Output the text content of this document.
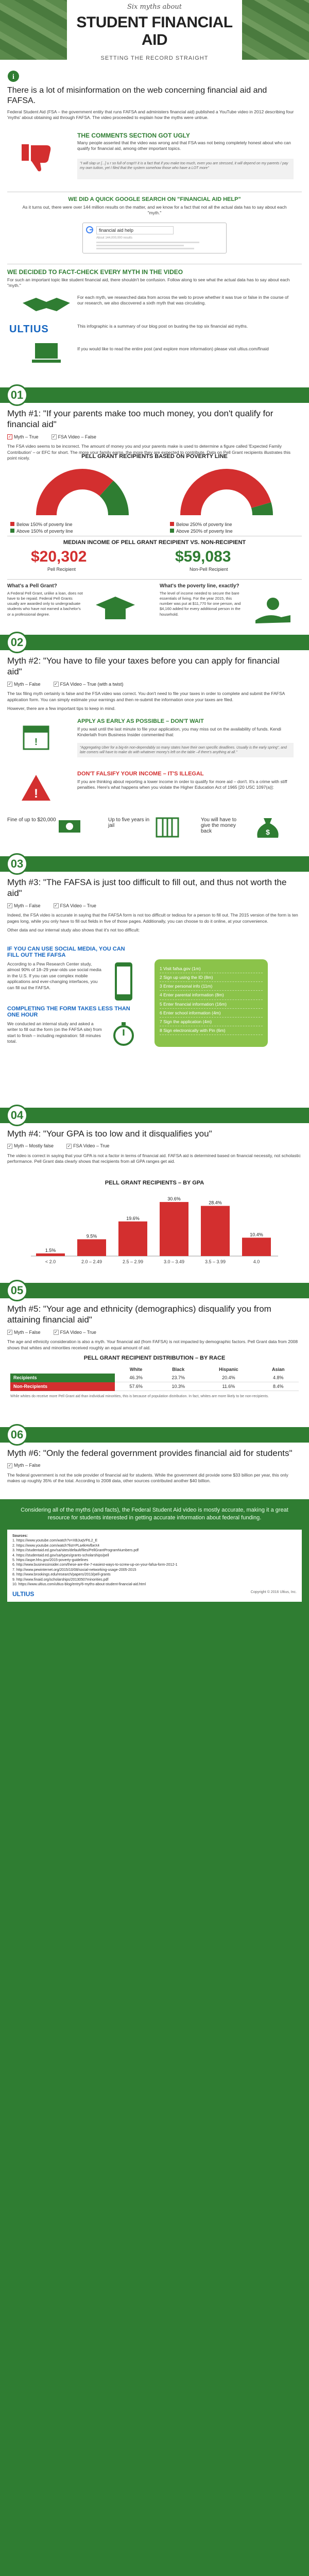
Six myths about
STUDENT FINANCIAL AID
SETTING THE RECORD STRAIGHT
i
There is a lot of misinformation on the web concerning financial aid and FAFSA.
Federal Student Aid (FSA – the government entity that runs FAFSA and administers financial aid) published a YouTube video in 2012 describing four 'myths' about obtaining aid through FAFSA. The video proceeded to explain how the myths were untrue.
THE COMMENTS SECTION GOT UGLY
Many people asserted that the video was wrong and that FSA was not being completely honest about who can qualify for financial aid, among other important topics.
"I will slap ur [...] u r so full of crap!!! it is a fact that if you make too much, even you are stressed, it will depend on my parents / pay my own tuition, yet I filed that the system somehow those who have a LOT more"
WE DID A QUICK GOOGLE SEARCH ON "FINANCIAL AID HELP"
As it turns out, there were over 144 million results on the matter, and we know for a fact that not all the actual data has to say about each "myth."
financial aid help
About 144,000,000 results
WE DECIDED TO FACT-CHECK EVERY MYTH IN THE VIDEO
For such an important topic like student financial aid, there shouldn't be confusion. Follow along to see what the actual data has to say about each "myth."
For each myth, we researched data from across the web to prove whether it was true or false in the course of our research, we also discovered a sixth myth that was circulating.
ULTIUS	This infographic is a summary of our blog post on busting the top six financial aid myths.
If you would like to read the entire post (and explore more information) please visit ultius.com/finaid
01
Myth #1: "If your parents make too much money, you don't qualify for financial aid"
✓ Myth – True	✓ FSA Video – False
The FSA video seems to be incorrect. The amount of money you and your parents make is used to determine a figure called 'Expected Family Contribution' – or EFC for short. The more your family earns, the more they are expected to contribute. Data on Pell Grant recipients illustrates this point nicely.	PELL GRANT RECIPIENTS BASED ON POVERTY LINE
Below 150% of poverty line
Above 150% of poverty line
Below 250% of poverty line
Above 250% of poverty line
MEDIAN INCOME OF PELL GRANT RECIPIENT VS. NON-RECIPIENT
$20,302
Pell Recipient
$59,083
Non-Pell Recipient
What's a Pell Grant?
A Federal Pell Grant, unlike a loan, does not have to be repaid. Federal Pell Grants usually are awarded only to undergraduate students who have not earned a bachelor's or a professional degree.
What's the poverty line, exactly?
The level of income needed to secure the bare essentials of living. For the year 2015, this number was put at $11,770 for one person, and $4,160 added for every additional person in the household.
02
Myth #2: "You have to file your taxes before you can apply for financial aid"
✓ Myth – False	✓ FSA Video – True (with a twist)
The tax filing myth certainly is false and the FSA video was correct. You don't need to file your taxes in order to complete and submit the FAFSA application form. You can simply estimate your earnings and then re-submit the information once your taxes are filed.
However, there are a few important tips to keep in mind.
!
APPLY AS EARLY AS POSSIBLE – DON'T WAIT
If you wait until the last minute to file your application, you may miss out on the availability of funds. Kendi Kinderlath from Business Insider commented that:
"Aggregating Uber for a big-tin non-dependably so many states have their own specific deadlines. Usually is the early spring", and late comers will have to make do with whatever money's left on the table –if there's anything at all."
!
DON'T FALSIFY YOUR INCOME – IT'S ILLEGAL
If you are thinking about reporting a lower income in order to qualify for more aid – don't. It's a crime with stiff penalties. Here's what happens when you violate the Higher Education Act of 1965 [20 USC 1097(a)]:
Fine of up to $20,000	Up to five years in jail
You will have to give the money back	$
03
Myth #3: "The FAFSA is just too difficult to fill out, and thus not worth the aid"
✓ Myth – False	✓ FSA Video – True
Indeed, the FSA video is accurate in saying that the FAFSA form is not too difficult or tedious for a person to fill out. The 2015 version of the form is ten pages long, while you only have to fill out fields in five of those pages. Additionally, you can choose to do it online, at your convenience.
Other data and our internal study also shows that it's not too difficult:
IF YOU CAN USE SOCIAL MEDIA, YOU CAN FILL OUT THE FAFSA
According to a Pew Research Center study, almost 90% of 18–29 year-olds use social media in the U.S. If you can use complex mobile applications and ever-changing interfaces, you can fill out the FAFSA.
COMPLETING THE FORM TAKES LESS THAN ONE HOUR
We conducted an internal study and asked a writer to fill out the form (on the FAFSA site) from start to finish – including registration: 58 minutes total.
1 Visit fafsa.gov (1m)
2 Sign up using the ID (8m)
3 Enter personal info (11m)
4 Enter parental information (8m)
5 Enter financial information (16m)
6 Enter school information (4m)
7 Sign the application (4m)
8 Sign electronically with Pin (6m)
04
Myth #4: "Your GPA is too low and it disqualifies you"
✓ Myth – Mostly false	✓ FSA Video – True
The video is correct in saying that your GPA is not a factor in terms of financial aid. FAFSA aid is determined based on financial necessity, not scholastic performance. Pell Grant data clearly shows that recipients from all GPA ranges get aid.
PELL GRANT RECIPIENTS – BY GPA
1.5%
< 2.0
9.5%
2.0 – 2.49
19.6%
2.5 – 2.99
30.6%
3.0 – 3.49
28.4%
3.5 – 3.99
10.4%
4.0
05
Myth #5: "Your age and ethnicity (demographics) disqualify you from attaining financial aid"
✓ Myth – False	✓ FSA Video – True
The age and ethnicity consideration is also a myth. Your financial aid (from FAFSA) is not impacted by demographic factors. Pell Grant data from 2008 shows that whites and minorities received roughly an equal amount of aid.
PELL GRANT RECIPIENT DISTRIBUTION – BY RACE
	White	Black	Hispanic	Asian
Recipients	46.3%	23.7%	20.4%	4.8%
Non-Recipients	57.6%	10.3%	11.6%	8.4%
While whites do receive more Pell Grant aid than individual minorities, this is because of population distribution. In fact, whites are more likely to be non-recipients.
06
Myth #6: "Only the federal government provides financial aid for students"
✓ Myth – False
The federal government is not the sole provider of financial aid for students. While the government did provide some $33 billion per year, this only makes up roughly 35% of the total. According to 2008 data, other sources contributed another $40 billion.
Considering all of the myths (and facts), the Federal Student Aid video is mostly accurate, making it a great resource for students interested in getting accurate information about federal funding.
Sources:
1. https://www.youtube.com/watch?v=XBJuqVFtL2_E
2. https://www.youtube.com/watch?list=PLa4kHvfbeX4
3. https://studentaid.ed.gov/sa/sites/default/files/PellGrantProgramNumbers.pdf
4. https://studentaid.ed.gov/sa/types/grants-scholarships/pell
5. https://aspe.hhs.gov/2015-poverty-guidelines
6. http://www.businessinsider.com/these-are-the-7-easiest-ways-to-screw-up-on-your-fafsa-form-2012-1
7. http://www.pewinternet.org/2015/10/08/social-networking-usage-2005-2015
8. http://www.brookings.edu/research/papers/2013/pell-grants
9. http://www.finaid.org/scholarships/20130507minorities.pdf
10. https://www.ultius.com/ultius-blog/entry/6-myths-about-student-financial-aid.html
ULTIUS	Copyright © 2016 Ultius, Inc.
